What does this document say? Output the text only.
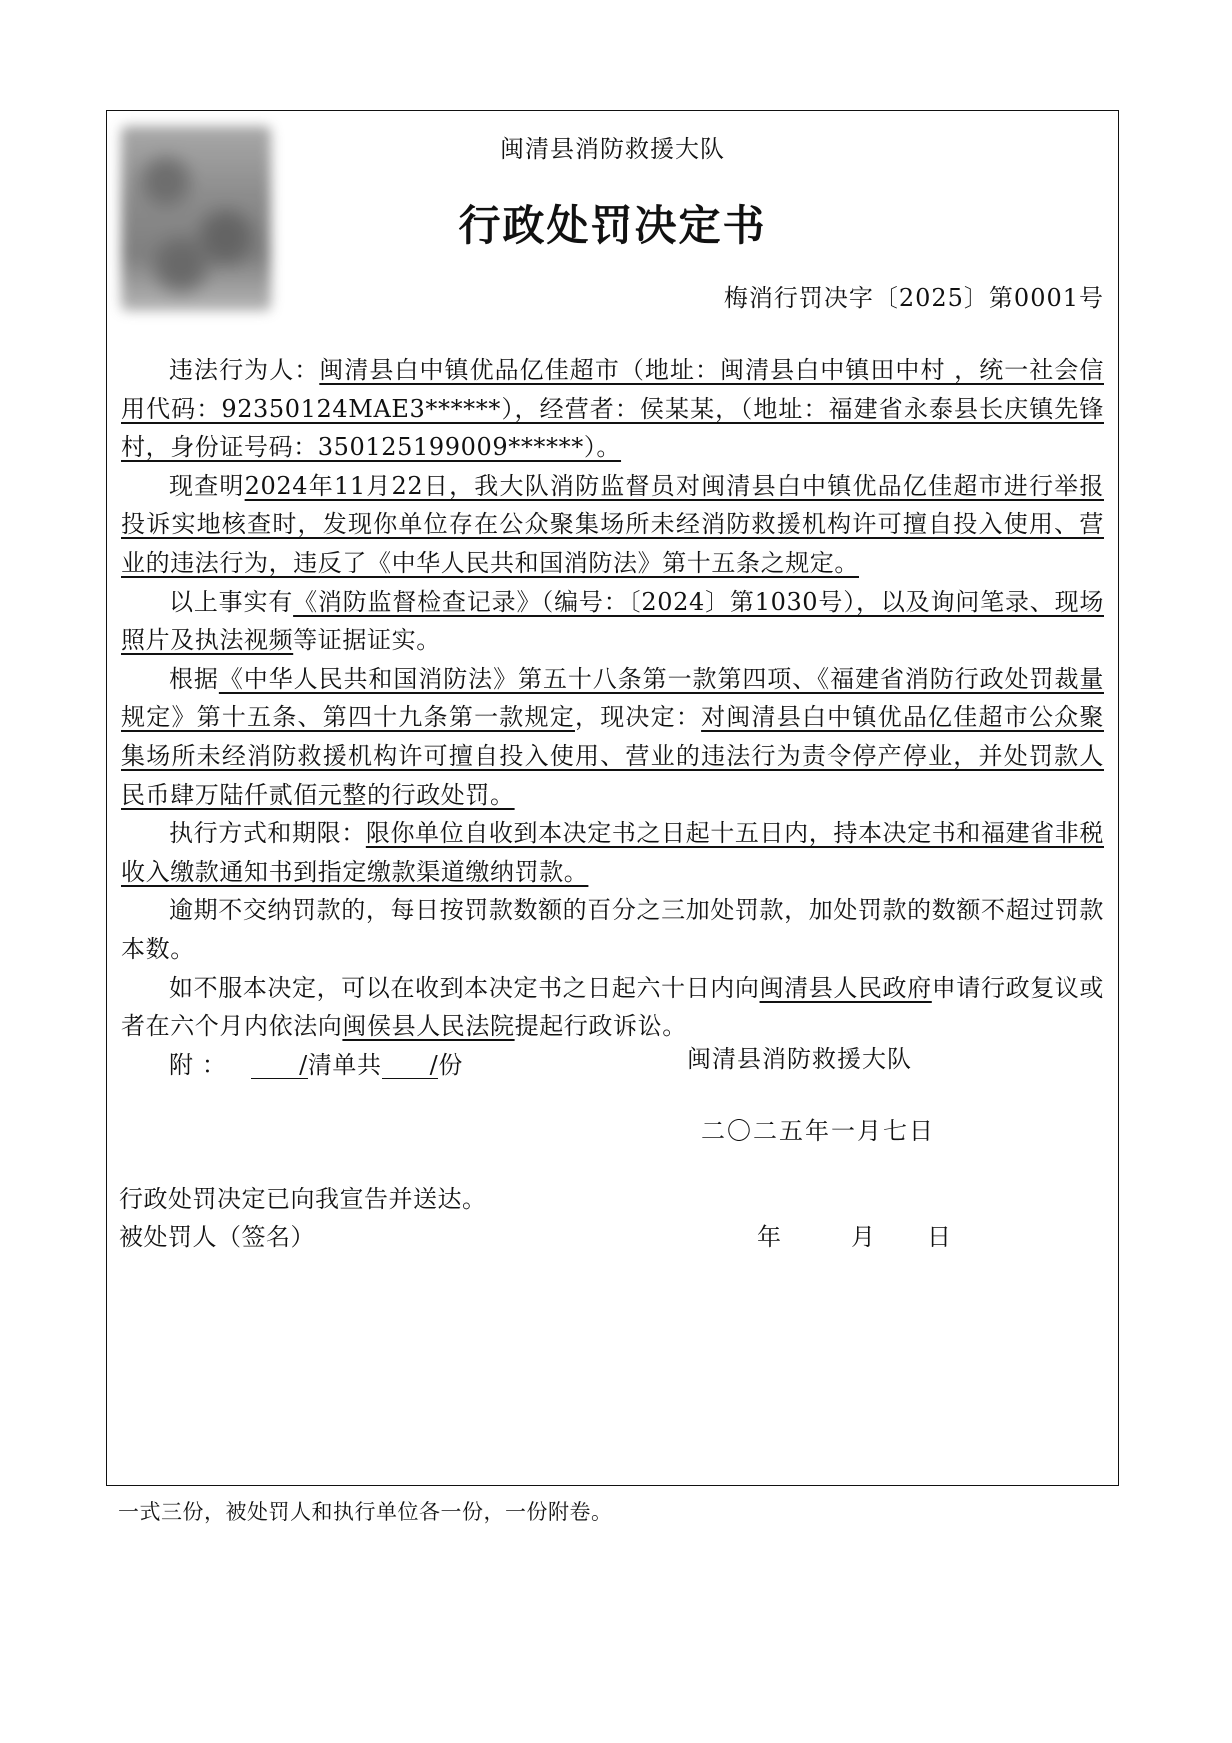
闽清县消防救援大队
行政处罚决定书
梅消行罚决字〔2025〕第0001号

违法行为人：闽清县白中镇优品亿佳超市（地址：闽清县白中镇田中村 ，统一社会信用代码：92350124MAE3******），经营者：侯某某，（地址：福建省永泰县长庆镇先锋村，身份证号码：350125199009******）。

现查明2024年11月22日，我大队消防监督员对闽清县白中镇优品亿佳超市进行举报投诉实地核查时，发现你单位存在公众聚集场所未经消防救援机构许可擅自投入使用、营业的违法行为，违反了《中华人民共和国消防法》第十五条之规定。

以上事实有《消防监督检查记录》（编号：〔2024〕第1030号），以及询问笔录、现场照片及执法视频等证据证实。

根据《中华人民共和国消防法》第五十八条第一款第四项、《福建省消防行政处罚裁量规定》第十五条、第四十九条第一款规定，现决定：对闽清县白中镇优品亿佳超市公众聚集场所未经消防救援机构许可擅自投入使用、营业的违法行为责令停产停业，并处罚款人民币肆万陆仟贰佰元整的行政处罚。

执行方式和期限：限你单位自收到本决定书之日起十五日内，持本决定书和福建省非税收入缴款通知书到指定缴款渠道缴纳罚款。

逾期不交纳罚款的，每日按罚款数额的百分之三加处罚款，加处罚款的数额不超过罚款本数。

如不服本决定，可以在收到本决定书之日起六十日内向闽清县人民政府申请行政复议或者在六个月内依法向闽侯县人民法院提起行政诉讼。

附 ：	/清单共 /份	闽清县消防救援大队
二〇二五年一月七日
行政处罚决定已向我宣告并送达。
被处罚人（签名）	年	月 日
一式三份，被处罚人和执行单位各一份，一份附卷。
